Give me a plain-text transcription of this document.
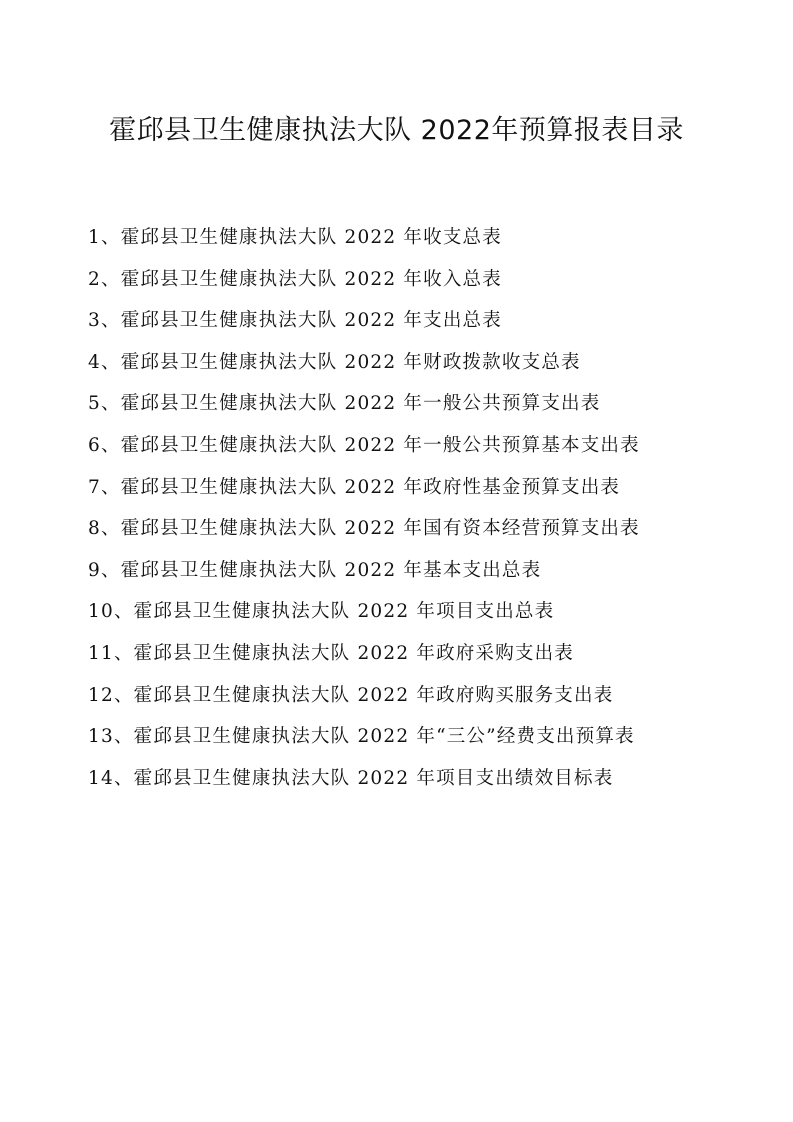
霍邱县卫生健康执法大队 2022年预算报表目录
1、霍邱县卫生健康执法大队 2022 年收支总表
2、霍邱县卫生健康执法大队 2022 年收入总表
3、霍邱县卫生健康执法大队 2022 年支出总表
4、霍邱县卫生健康执法大队 2022 年财政拨款收支总表
5、霍邱县卫生健康执法大队 2022 年一般公共预算支出表
6、霍邱县卫生健康执法大队 2022 年一般公共预算基本支出表
7、霍邱县卫生健康执法大队 2022 年政府性基金预算支出表
8、霍邱县卫生健康执法大队 2022 年国有资本经营预算支出表
9、霍邱县卫生健康执法大队 2022 年基本支出总表
10、霍邱县卫生健康执法大队 2022 年项目支出总表
11、霍邱县卫生健康执法大队 2022 年政府采购支出表
12、霍邱县卫生健康执法大队 2022 年政府购买服务支出表
13、霍邱县卫生健康执法大队 2022 年“三公”经费支出预算表
14、霍邱县卫生健康执法大队 2022 年项目支出绩效目标表
